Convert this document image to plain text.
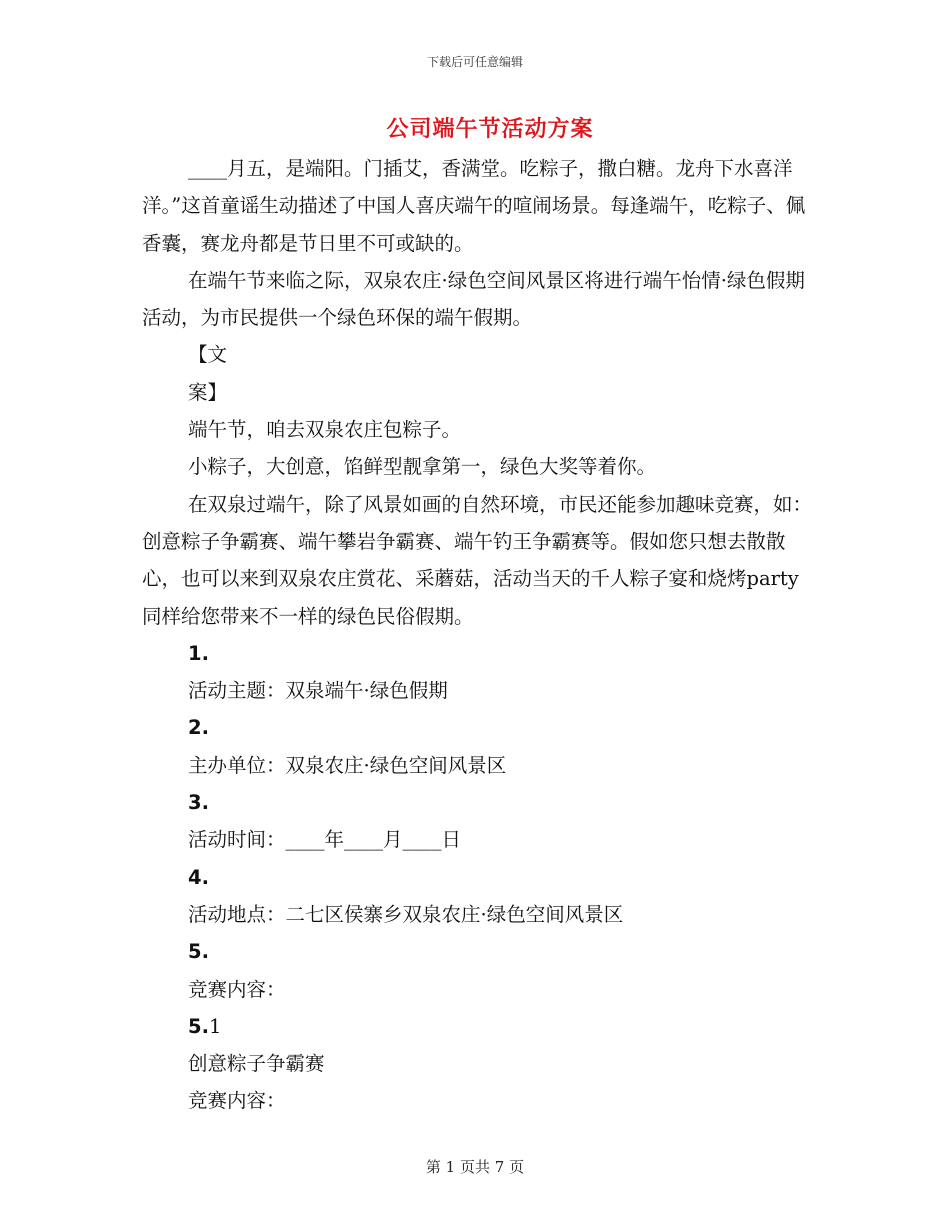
下载后可任意编辑
公司端午节活动方案

____月五，是端阳。门插艾，香满堂。吃粽子，撒白糖。龙舟下水喜洋洋。”这首童谣生动描述了中国人喜庆端午的喧闹场景。每逢端午，吃粽子、佩香囊，赛龙舟都是节日里不可或缺的。

在端午节来临之际，双泉农庄·绿色空间风景区将进行端午怡情·绿色假期活动，为市民提供一个绿色环保的端午假期。

【文

案】

端午节，咱去双泉农庄包粽子。

小粽子，大创意，馅鲜型靓拿第一，绿色大奖等着你。

在双泉过端午，除了风景如画的自然环境，市民还能参加趣味竞赛，如：创意粽子争霸赛、端午攀岩争霸赛、端午钓王争霸赛等。假如您只想去散散心，也可以来到双泉农庄赏花、采蘑菇，活动当天的千人粽子宴和烧烤party同样给您带来不一样的绿色民俗假期。

1.

活动主题：双泉端午·绿色假期

2.

主办单位：双泉农庄·绿色空间风景区

3.

活动时间：____年____月____日

4.

活动地点：二七区侯寨乡双泉农庄·绿色空间风景区

5.

竞赛内容：

5.1

创意粽子争霸赛

竞赛内容：

第 1 页共 7 页
